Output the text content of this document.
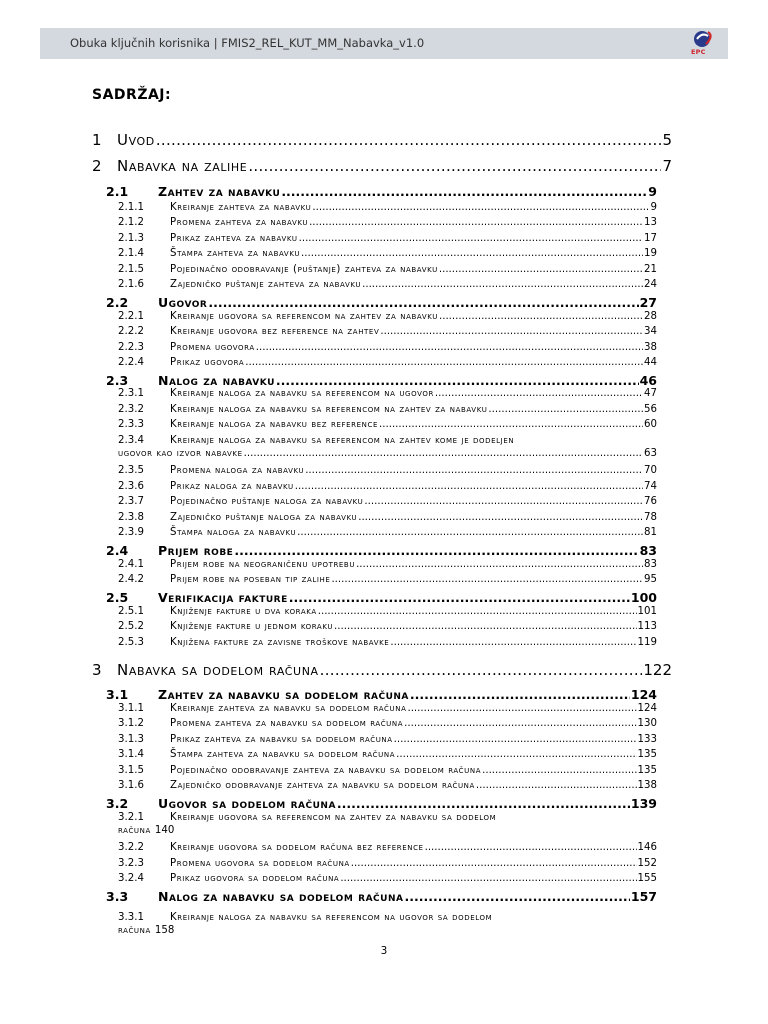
Obuka ključnih korisnika | FMIS2_REL_KUT_MM_Nabavka_v1.0
EPC
SADRŽAJ:
1	Uvod .....	5
2	Nabavka na zalihe .....	7
2.1	Zahtev za nabavku .....	9
2.1.1	Kreiranje zahteva za nabavku .....	9
2.1.2	Promena zahteva za nabavku .....	13
2.1.3	Prikaz zahteva za nabavku .....	17
2.1.4	Štampa zahteva za nabavku .....	19
2.1.5	Pojedinačno odobravanje (puštanje) zahteva za nabavku .....	21
2.1.6	Zajedničko puštanje zahteva za nabavku .....	24
2.2	Ugovor .....	27
2.2.1	Kreiranje ugovora sa referencom na zahtev za nabavku .....	28
2.2.2	Kreiranje ugovora bez reference na zahtev .....	34
2.2.3	Promena ugovora .....	38
2.2.4	Prikaz ugovora .....	44
2.3	Nalog za nabavku .....	46
2.3.1	Kreiranje naloga za nabavku sa referencom na ugovor .....	47
2.3.2	Kreiranje naloga za nabavku sa referencom na zahtev za nabavku .....	56
2.3.3	Kreiranje naloga za nabavku bez reference .....	60
2.3.4	Kreiranje naloga za nabavku sa referencom na zahtev kome je dodeljen
ugovor kao izvor nabavke .....	63
2.3.5	Promena naloga za nabavku .....	70
2.3.6	Prikaz naloga za nabavku .....	74
2.3.7	Pojedinačno puštanje naloga za nabavku .....	76
2.3.8	Zajedničko puštanje naloga za nabavku .....	78
2.3.9	Štampa naloga za nabavku .....	81
2.4	Prijem robe .....	83
2.4.1	Prijem robe na neograničenu upotrebu .....	83
2.4.2	Prijem robe na poseban tip zalihe .....	95
2.5	Verifikacija fakture .....	100
2.5.1	Knjiženje fakture u dva koraka .....	101
2.5.2	Knjiženje fakture u jednom koraku .....	113
2.5.3	Knjižena fakture za zavisne troškove nabavke .....	119
3	Nabavka sa dodelom računa .....	122
3.1	Zahtev za nabavku sa dodelom računa .....	124
3.1.1	Kreiranje zahteva za nabavku sa dodelom računa .....	124
3.1.2	Promena zahteva za nabavku sa dodelom računa .....	130
3.1.3	Prikaz zahteva za nabavku sa dodelom računa .....	133
3.1.4	Štampa zahteva za nabavku sa dodelom računa .....	135
3.1.5	Pojedinačno odobravanje zahteva za nabavku sa dodelom računa .....	135
3.1.6	Zajedničko odobravanje zahteva za nabavku sa dodelom računa .....	138
3.2	Ugovor sa dodelom računa .....	139
3.2.1	Kreiranje ugovora sa referencom na zahtev za nabavku sa dodelom
računa 140
3.2.2	Kreiranje ugovora sa dodelom računa bez reference .....	146
3.2.3	Promena ugovora sa dodelom računa .....	152
3.2.4	Prikaz ugovora sa dodelom računa .....	155
3.3	Nalog za nabavku sa dodelom računa .....	157
3.3.1	Kreiranje naloga za nabavku sa referencom na ugovor sa dodelom
računa 158
3
